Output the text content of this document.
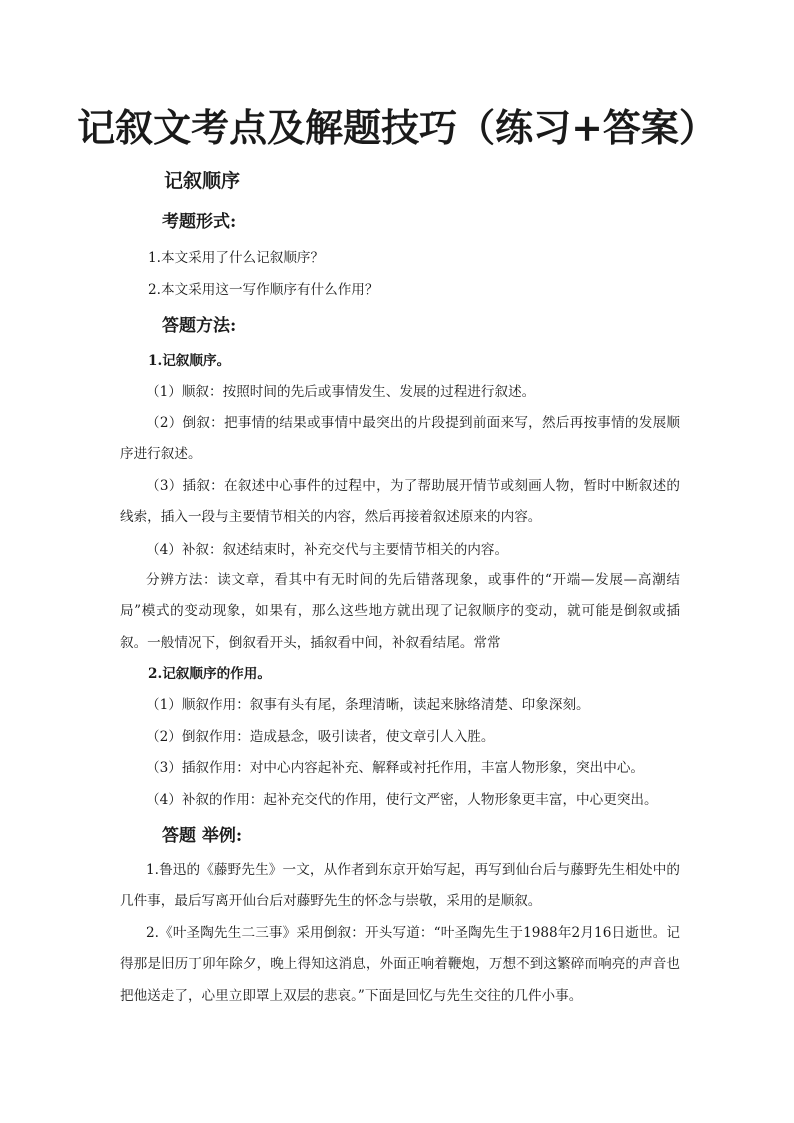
记叙文考点及解题技巧（练习+答案）
记叙顺序
考题形式:
1.本文采用了什么记叙顺序？
2.本文采用这一写作顺序有什么作用？
答题方法:
1.记叙顺序。
（1）顺叙：按照时间的先后或事情发生、发展的过程进行叙述。
（2）倒叙：把事情的结果或事情中最突出的片段提到前面来写，然后再按事情的发展顺序进行叙述。
（3）插叙：在叙述中心事件的过程中，为了帮助展开情节或刻画人物，暂时中断叙述的线索，插入一段与主要情节相关的内容，然后再接着叙述原来的内容。
（4）补叙：叙述结束时，补充交代与主要情节相关的内容。
分辨方法：读文章，看其中有无时间的先后错落现象，或事件的“开端—发展—高潮结局”模式的变动现象，如果有，那么这些地方就出现了记叙顺序的变动，就可能是倒叙或插叙。一般情况下，倒叙看开头，插叙看中间，补叙看结尾。常常
2.记叙顺序的作用。
（1）顺叙作用：叙事有头有尾，条理清晰，读起来脉络清楚、印象深刻。
（2）倒叙作用：造成悬念，吸引读者，使文章引人入胜。
（3）插叙作用：对中心内容起补充、解释或衬托作用，丰富人物形象，突出中心。
（4）补叙的作用：起补充交代的作用，使行文严密，人物形象更丰富，中心更突出。
答题 举例:
1.鲁迅的《藤野先生》一文，从作者到东京开始写起，再写到仙台后与藤野先生相处中的几件事，最后写离开仙台后对藤野先生的怀念与崇敬，采用的是顺叙。
2.《叶圣陶先生二三事》采用倒叙：开头写道：“叶圣陶先生于1988年2月16日逝世。记得那是旧历丁卯年除夕，晚上得知这消息，外面正响着鞭炮，万想不到这繁碎而响亮的声音也把他送走了，心里立即罩上双层的悲哀。”下面是回忆与先生交往的几件小事。
